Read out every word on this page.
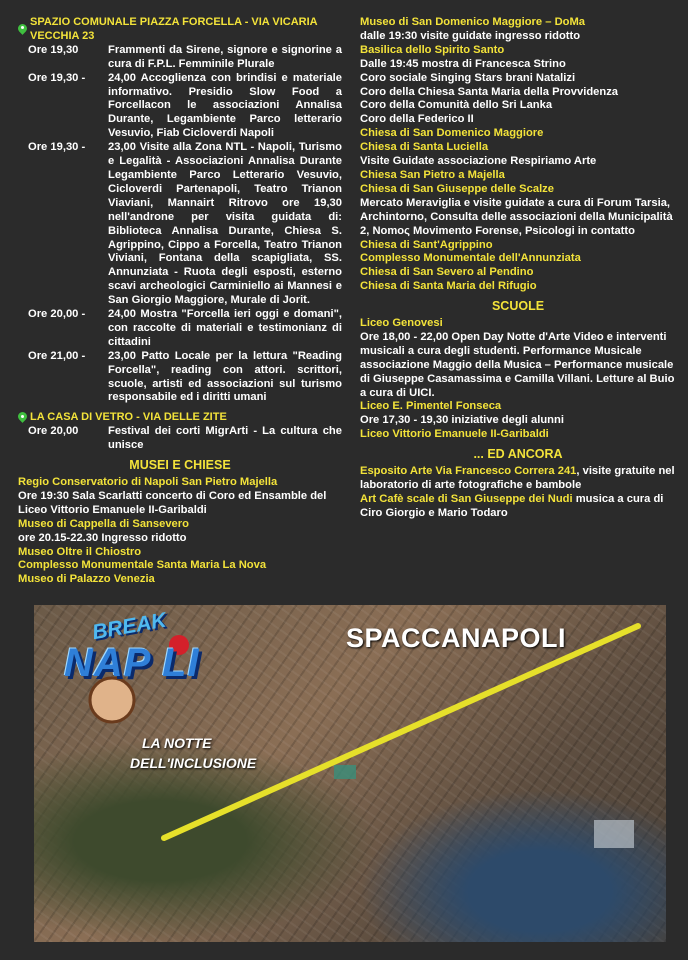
SPAZIO COMUNALE PIAZZA FORCELLA - VIA VICARIA VECCHIA 23
Ore 19,30	Frammenti da Sirene, signore e signorine a cura di F.P.L. Femminile Plurale
Ore 19,30 -	24,00 Accoglienza con brindisi e materiale informativo. Presidio Slow Food a Forcellacon le associazioni Annalisa Durante, Legambiente Parco letterario Vesuvio, Fiab Cicloverdi Napoli
Ore 19,30 -	23,00 Visite alla Zona NTL - Napoli, Turismo e Legalità - Associazioni Annalisa Durante Legambiente Parco Letterario Vesuvio, Cicloverdi Partenapoli, Teatro Trianon Viaviani, Mannairt Ritrovo ore 19,30 nell'androne per visita guidata di: Biblioteca Annalisa Durante, Chiesa S. Agrippino, Cippo a Forcella, Teatro Trianon Viviani, Fontana della scapigliata, SS. Annunziata - Ruota degli esposti, esterno scavi archeologici Carminiello ai Mannesi e San Giorgio Maggiore, Murale di Jorit.
Ore 20,00 -	24,00 Mostra "Forcella ieri oggi e domani", con raccolte di materiali e testimonianz di cittadini
Ore 21,00 -	23,00 Patto Locale per la lettura "Reading Forcella", reading con attori. scrittori, scuole, artisti ed associazioni sul turismo responsabile ed i diritti umani
LA CASA DI VETRO - VIA DELLE ZITE
Ore 20,00	Festival dei corti MigrArti - La cultura che unisce
MUSEI E CHIESE
Regio Conservatorio di Napoli San Pietro Majella
Ore 19:30 Sala Scarlatti concerto di Coro ed Ensamble del Liceo Vittorio Emanuele II-Garibaldi
Museo di Cappella di Sansevero
ore 20.15-22.30 Ingresso ridotto
Museo Oltre il Chiostro
Complesso Monumentale Santa Maria La Nova
Museo di Palazzo Venezia
Museo di San Domenico Maggiore – DoMa
dalle 19:30 visite guidate ingresso ridotto
Basilica dello Spirito Santo
Dalle 19:45 mostra di Francesca Strino
Coro sociale Singing Stars brani Natalizi
Coro della Chiesa Santa Maria della Provvidenza
Coro della Comunità dello Sri Lanka
Coro della Federico II
Chiesa di San Domenico Maggiore
Chiesa di Santa Luciella
Visite Guidate associazione Respiriamo Arte
Chiesa San Pietro a Majella
Chiesa di San Giuseppe delle Scalze
Mercato Meraviglia e visite guidate a cura di Forum Tarsia, Archintorno, Consulta delle associazioni della Municipalità 2, Nomoς Movimento Forense, Psicologi in contatto
Chiesa di Sant'Agrippino
Complesso Monumentale dell'Annunziata
Chiesa di San Severo al Pendino
Chiesa di Santa Maria del Rifugio
SCUOLE
Liceo Genovesi
Ore 18,00 - 22,00 Open Day Notte d'Arte Video e interventi musicali a cura degli studenti. Performance Musicale associazione Maggio della Musica – Performance musicale di Giuseppe Casamassima e Camilla Villani. Letture al Buio a cura di UICI.
Liceo E. Pimentel Fonseca
Ore 17,30 - 19,30 iniziative degli alunni
Liceo Vittorio Emanuele II-Garibaldi
... ED ANCORA
Esposito Arte Via Francesco Correra 241, visite gratuite nel laboratorio di arte fotografiche e bambole
Art Cafè scale di San Giuseppe dei Nudi musica a cura di Ciro Giorgio e Mario Todaro
BREAK
NAP LI
LA NOTTE
DELL'INCLUSIONE
SPACCANAPOLI
